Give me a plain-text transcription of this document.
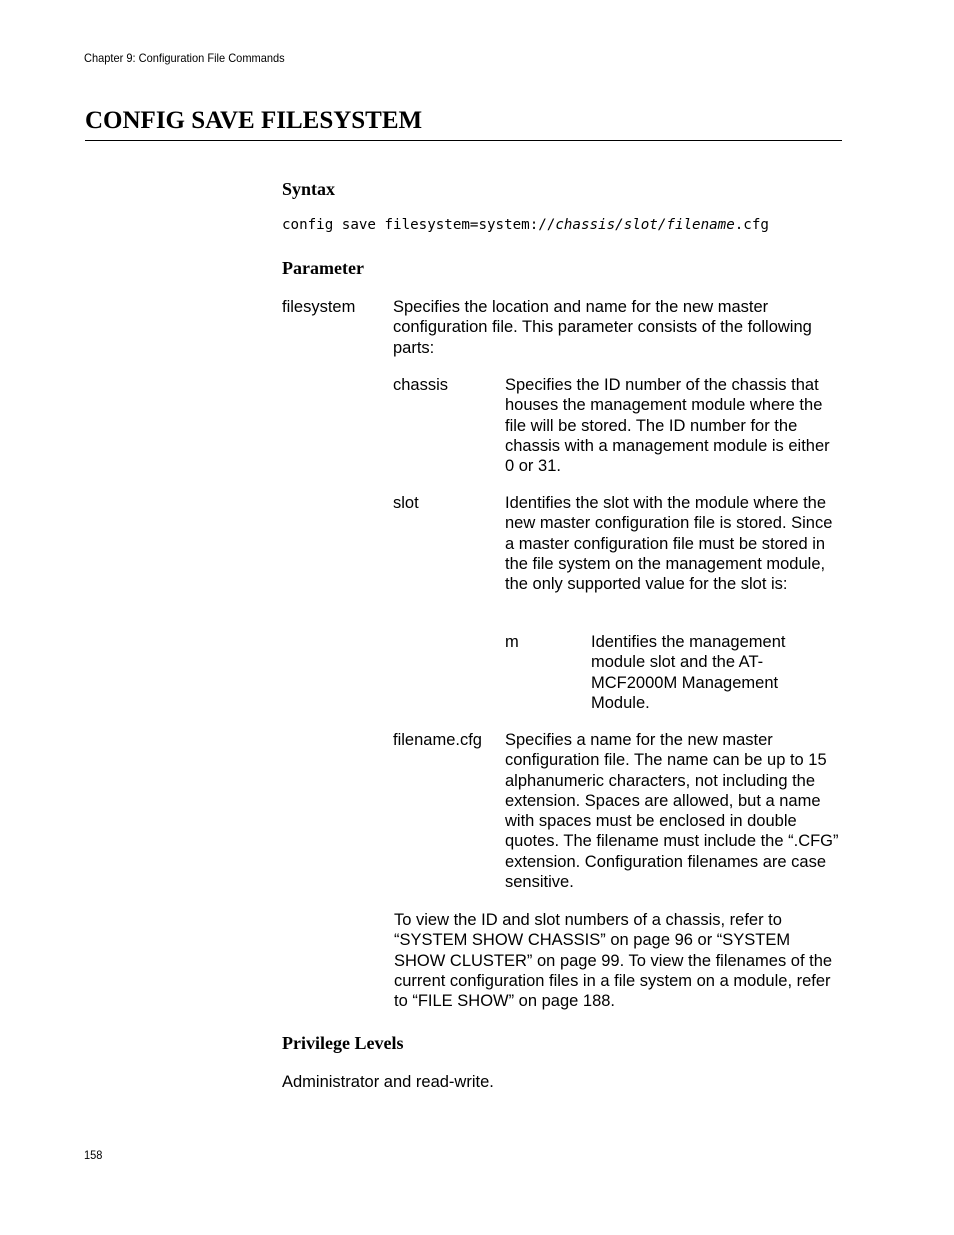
Chapter 9: Configuration File Commands
CONFIG SAVE FILESYSTEM
Syntax
config save filesystem=system://chassis/slot/filename.cfg
Parameter
filesystem Specifies the location and name for the new master configuration file. This parameter consists of the following parts:

chassis	Specifies the ID number of the chassis that houses the management module where the file will be stored. The ID number for the chassis with a management module is either 0 or 31.

slot	Identifies the slot with the module where the new master configuration file is stored. Since a master configuration file must be stored in the file system on the management module, the only supported value for the slot is:

m	Identifies the management module slot and the AT-MCF2000M Management Module.

filename.cfg Specifies a name for the new master configuration file. The name can be up to 15 alphanumeric characters, not including the extension. Spaces are allowed, but a name with spaces must be enclosed in double quotes. The filename must include the “.CFG” extension. Configuration filenames are case sensitive.

To view the ID and slot numbers of a chassis, refer to “SYSTEM SHOW CHASSIS” on page 96 or “SYSTEM SHOW CLUSTER” on page 99. To view the filenames of the current configuration files in a file system on a module, refer to “FILE SHOW” on page 188.

Privilege Levels

Administrator and read-write.

158
